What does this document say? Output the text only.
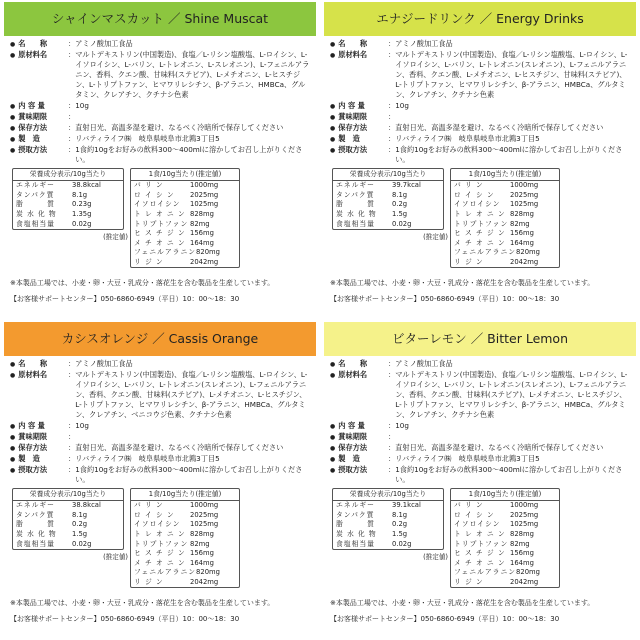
シャインマスカット ／ Shine Muscat
● 名　　称	： アミノ酸加工食品
● 原材料名	： マルトデキストリン(中国製造)、食塩／L-リシン塩酸塩、L-ロイシン、L-イソロイシン、L-バリン、L-トレオニン、L-スレオニン)、L-フェニルアラニン、香料、クエン酸、甘味料(ステビア)、L-メチオニン、L-ヒスチジン、L-トリプトファン、ヒマワリレシチン、β-アラニン、HMBCa、グルタミン、クレアチン、クチナシ色素
● 内 容 量	： 10g
● 賞味期限	：
● 保存方法	： 直射日光、高温多湿を避け、なるべく冷暗所で保存してください
● 製　造	： リバティライフ㈱　岐阜県岐阜市北鶉3丁目5
● 摂取方法	： 1食約10gをお好みの飲料300～400mlに溶かしてお召し上がりください。
栄養成分表示/10g当たり
エネルギー	38.8kcal
タンパク質	8.1g
脂　　　質	0.23g
炭 水 化 物	1.35g
食塩相当量	0.02g
(推定値)
1食/10g当たり(推定値)
バ リ ン	1000mg
ロ イ シ ン	2025mg
イソロイシン	1025mg
ト レ オ ニ ン 828mg
トリプトファン 82mg
ヒ ス チ ジ ン 156mg
メ チ オ ニ ン 164mg
フェニルアラニン 820mg
リ ジ ン	2042mg
※本製品工場では、小麦・卵・大豆・乳成分・落花生を含む製品を生産しています。
【お客様サポートセンター】050-6860-6949（平日）10：00～18：30
エナジードリンク ／ Energy Drinks
● 名　　称	： アミノ酸加工食品
● 原材料名	： マルトデキストリン(中国製造)、食塩／L-リシン塩酸塩、L-ロイシン、L-イソロイシン、L-バリン、L-トレオニン(スレオニン)、L-フェニルアラニン、香料、クエン酸、L-メチオニン、L-ヒスチジン、甘味料(ステビア)、L-トリプトファン、ヒマワリレシチン、β-アラニン、HMBCa、グルタミン、クレアチン、クチナシ色素
● 内 容 量	： 10g
● 賞味期限	：
● 保存方法	： 直射日光、高温多湿を避け、なるべく冷暗所で保存してください
● 製　造	： リバティライフ㈱　岐阜県岐阜市北鶉3丁目5
● 摂取方法	： 1食約10gをお好みの飲料300～400mlに溶かしてお召し上がりください。
栄養成分表示/10g当たり
エネルギー	39.7kcal
タンパク質	8.1g
脂　　　質	0.2g
炭 水 化 物	1.5g
食塩相当量	0.02g
(推定値)
1食/10g当たり(推定値)
バ リ ン	1000mg
ロ イ シ ン	2025mg
イソロイシン	1025mg
ト レ オ ニ ン 828mg
トリプトファン 82mg
ヒ ス チ ジ ン 156mg
メ チ オ ニ ン 164mg
フェニルアラニン 820mg
リ ジ ン	2042mg
※本製品工場では、小麦・卵・大豆・乳成分・落花生を含む製品を生産しています。
【お客様サポートセンター】050-6860-6949（平日）10：00～18：30
カシスオレンジ ／ Cassis Orange
● 名　　称	： アミノ酸加工食品
● 原材料名	： マルトデキストリン(中国製造)、食塩／L-リシン塩酸塩、L-ロイシン、L-イソロイシン、L-バリン、L-トレオニン(スレオニン)、L-フェニルアラニン、香料、クエン酸、甘味料(ステビア)、L-メチオニン、L-ヒスチジン、L-トリプトファン、ヒマワリレシチン、β-アラニン、HMBCa、グルタミン、クレアチン、ベニコウジ色素、クチナシ色素
● 内 容 量	： 10g
● 賞味期限	：
● 保存方法	： 直射日光、高温多湿を避け、なるべく冷暗所で保存してください
● 製　造	： リバティライフ㈱　岐阜県岐阜市北鶉3丁目5
● 摂取方法	： 1食約10gをお好みの飲料300～400mlに溶かしてお召し上がりください。
栄養成分表示/10g当たり
エネルギー	38.8kcal
タンパク質	8.1g
脂　　　質	0.2g
炭 水 化 物	1.5g
食塩相当量	0.02g
(推定値)
1食/10g当たり(推定値)
バ リ ン	1000mg
ロ イ シ ン	2025mg
イソロイシン	1025mg
ト レ オ ニ ン 828mg
トリプトファン 82mg
ヒ ス チ ジ ン 156mg
メ チ オ ニ ン 164mg
フェニルアラニン 820mg
リ ジ ン	2042mg
※本製品工場では、小麦・卵・大豆・乳成分・落花生を含む製品を生産しています。
【お客様サポートセンター】050-6860-6949（平日）10：00～18：30
ビターレモン ／ Bitter Lemon
● 名　　称	： アミノ酸加工食品
● 原材料名	： マルトデキストリン(中国製造)、食塩／L-リシン塩酸塩、L-ロイシン、L-イソロイシン、L-バリン、L-トレオニン(スレオニン)、L-フェニルアラニン、香料、クエン酸、甘味料(ステビア)、L-メチオニン、L-ヒスチジン、L-トリプトファン、ヒマワリレシチン、β-アラニン、HMBCa、グルタミン、クレアチン、クチナシ色素
● 内 容 量	： 10g
● 賞味期限	：
● 保存方法	： 直射日光、高温多湿を避け、なるべく冷暗所で保存してください
● 製　造	： リバティライフ㈱　岐阜県岐阜市北鶉3丁目5
● 摂取方法	： 1食約10gをお好みの飲料300～400mlに溶かしてお召し上がりください。
栄養成分表示/10g当たり
エネルギー	39.1kcal
タンパク質	8.1g
脂　　　質	0.2g
炭 水 化 物	1.5g
食塩相当量	0.02g
(推定値)
1食/10g当たり(推定値)
バ リ ン	1000mg
ロ イ シ ン	2025mg
イソロイシン	1025mg
ト レ オ ニ ン 828mg
トリプトファン 82mg
ヒ ス チ ジ ン 156mg
メ チ オ ニ ン 164mg
フェニルアラニン 820mg
リ ジ ン	2042mg
※本製品工場では、小麦・卵・大豆・乳成分・落花生を含む製品を生産しています。
【お客様サポートセンター】050-6860-6949（平日）10：00～18：30
